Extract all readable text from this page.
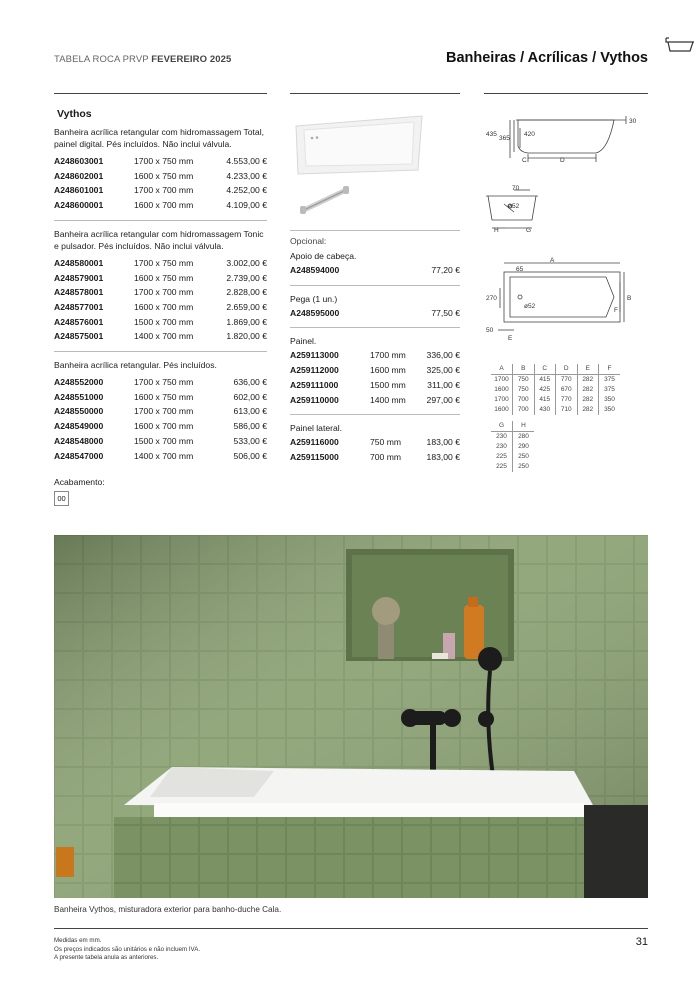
TABELA ROCA PRVP FEVEREIRO 2025	Banheiras / Acrílicas / Vythos
Vythos
Banheira acrílica retangular com hidromassagem Total, painel digital. Pés incluídos. Não inclui válvula.
A248603001	1700 x 750 mm	4.553,00 €
A248602001	1600 x 750 mm	4.233,00 €
A248601001	1700 x 700 mm	4.252,00 €
A248600001	1600 x 700 mm	4.109,00 €
Banheira acrílica retangular com hidromassagem Tonic e pulsador. Pés incluídos. Não inclui válvula.
A248580001	1700 x 750 mm	3.002,00 €
A248579001	1600 x 750 mm	2.739,00 €
A248578001	1700 x 700 mm	2.828,00 €
A248577001	1600 x 700 mm	2.659,00 €
A248576001	1500 x 700 mm	1.869,00 €
A248575001	1400 x 700 mm	1.820,00 €
Banheira acrílica retangular. Pés incluídos.
A248552000	1700 x 750 mm	636,00 €
A248551000	1600 x 750 mm	602,00 €
A248550000	1700 x 700 mm	613,00 €
A248549000	1600 x 700 mm	586,00 €
A248548000	1500 x 700 mm	533,00 €
A248547000	1400 x 700 mm	506,00 €
Acabamento:
00
Opcional:
Apoio de cabeça.
A248594000	77,20 €
Pega (1 un.)
A248595000	77,50 €
Painel.
A259113000	1700 mm	336,00 €
A259112000	1600 mm	325,00 €
A259111000	1500 mm	311,00 €
A259110000	1400 mm	297,00 €
Painel lateral.
A259116000	750 mm	183,00 €
A259115000	700 mm	183,00 €
435
365
420
30
C	D
70
ø52
H	G
A
65
270
ø52
B
F
50
E
A	B	C	D	E	F
1700	750	415	770	282	375
1600	750	425	670	282	375
1700	700	415	770	282	350
1600	700	430	710	282	350
G	H
230	280
230	290
225	250
225	250
Banheira Vythos, misturadora exterior para banho-duche Cala.
Medidas em mm.
Os preços indicados são unitários e não incluem IVA.
A presente tabela anula as anteriores.
31
